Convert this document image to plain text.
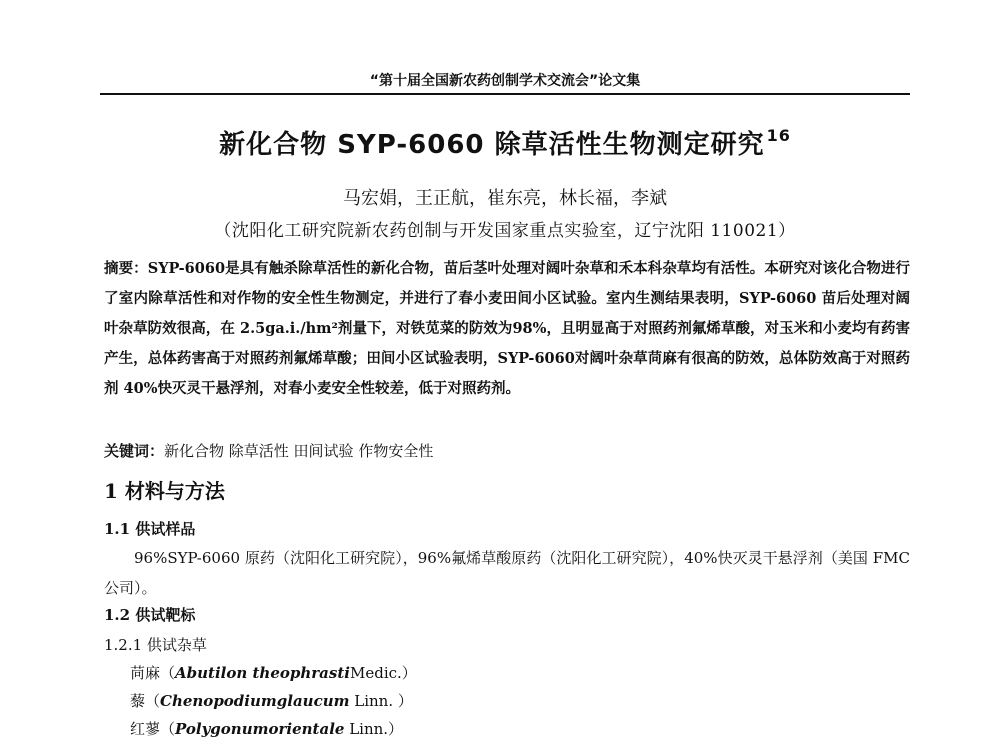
“第十届全国新农药创制学术交流会”论文集
新化合物 SYP-6060 除草活性生物测定研究 $^{16}$
马宏娟，王正航，崔东亮，林长福，李斌
（沈阳化工研究院新农药创制与开发国家重点实验室，辽宁沈阳 110021）
摘要：SYP-6060是具有触杀除草活性的新化合物，苗后茎叶处理对阔叶杂草和禾本科杂草均有活性。本研究对该化合物进行了室内除草活性和对作物的安全性生物测定，并进行了春小麦田间小区试验。室内生测结果表明，SYP-6060 苗后处理对阔叶杂草防效很高，在 2.5ga.i./hm²剂量下，对铁苋菜的防效为98%，且明显高于对照药剂氟烯草酸，对玉米和小麦均有药害产生，总体药害高于对照药剂氟烯草酸；田间小区试验表明，SYP-6060对阔叶杂草苘麻有很高的防效，总体防效高于对照药剂 40%快灭灵干悬浮剂，对春小麦安全性较差，低于对照药剂。
关键词：新化合物 除草活性 田间试验 作物安全性
1 材料与方法
1.1 供试样品
96%SYP-6060 原药（沈阳化工研究院），96%氟烯草酸原药（沈阳化工研究院），40%快灭灵干悬浮剂（美国 FMC 公司）。
1.2 供试靶标
1.2.1 供试杂草
苘麻（Abutilon theophrastiMedic.）
藜（Chenopodiumglaucum Linn. ）
红蓼（Polygonumorientale Linn.）
